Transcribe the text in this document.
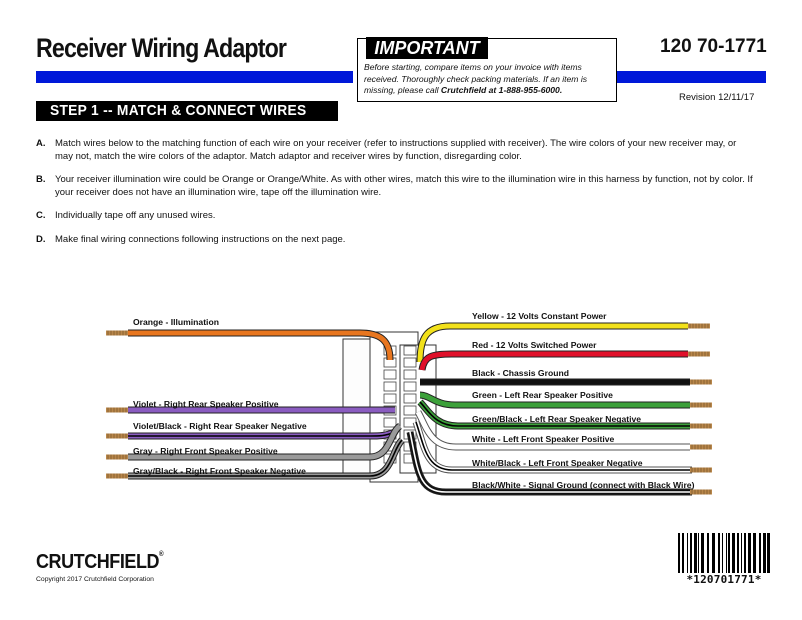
Receiver Wiring Adaptor	120 70-1771
IMPORTANT
Before starting, compare items on your invoice with items received. Thoroughly check packing materials. If an item is missing, please call Crutchfield at 1-888-955-6000.
Revision 12/11/17
STEP 1 -- MATCH & CONNECT WIRES
A. Match wires below to the matching function of each wire on your receiver (refer to instructions supplied with receiver). The wire colors of your new receiver may, or may not, match the wire colors of the adaptor. Match adaptor and receiver wires by function, disregarding color.
B. Your receiver illumination wire could be Orange or Orange/White. As with other wires, match this wire to the illumination wire in this harness by function, not by color. If your receiver does not have an illumination wire, tape off the illumination wire.
C. Individually tape off any unused wires.
D. Make final wiring connections following instructions on the next page.
Orange - Illumination
Violet - Right Rear Speaker Positive
Violet/Black - Right Rear Speaker Negative
Gray - Right Front Speaker Positive
Gray/Black - Right Front Speaker Negative
Yellow - 12 Volts Constant Power
Red - 12 Volts Switched Power
Black - Chassis Ground
Green - Left Rear Speaker Positive
Green/Black - Left Rear Speaker Negative
White - Left Front Speaker Positive
White/Black - Left Front Speaker Negative
Black/White - Signal Ground (connect with Black Wire)
CRUTCHFIELD®
Copyright 2017 Crutchfield Corporation	*120701771*
